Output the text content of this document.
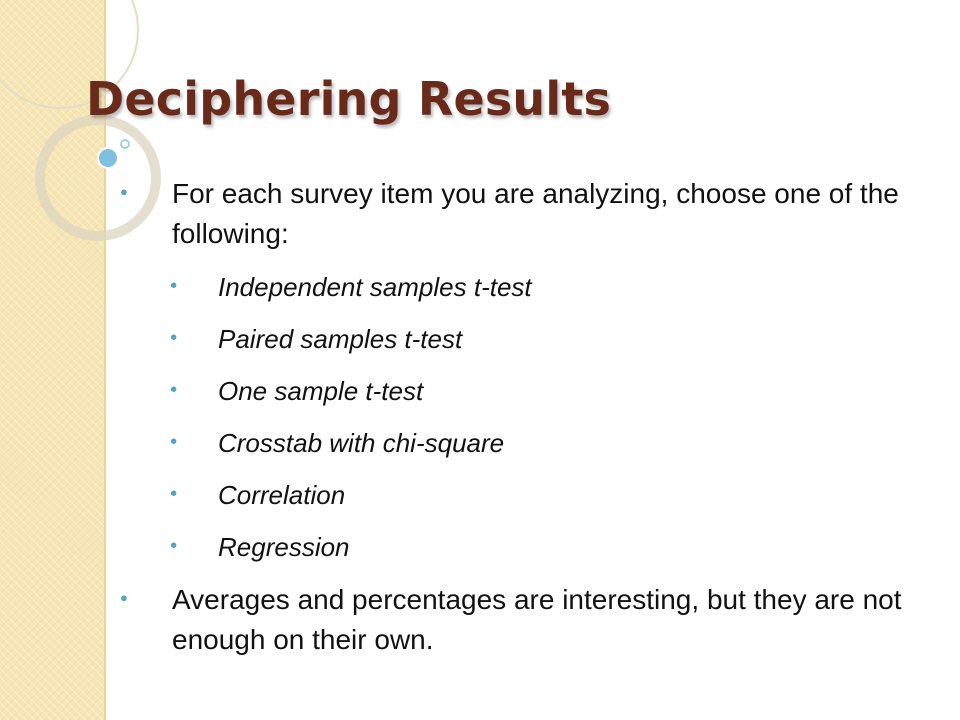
Deciphering Results
● For each survey item you are analyzing, choose one of the following:
• Independent samples t-test
• Paired samples t-test
• One sample t-test
• Crosstab with chi-square
• Correlation
• Regression
● Averages and percentages are interesting, but they are not enough on their own.
